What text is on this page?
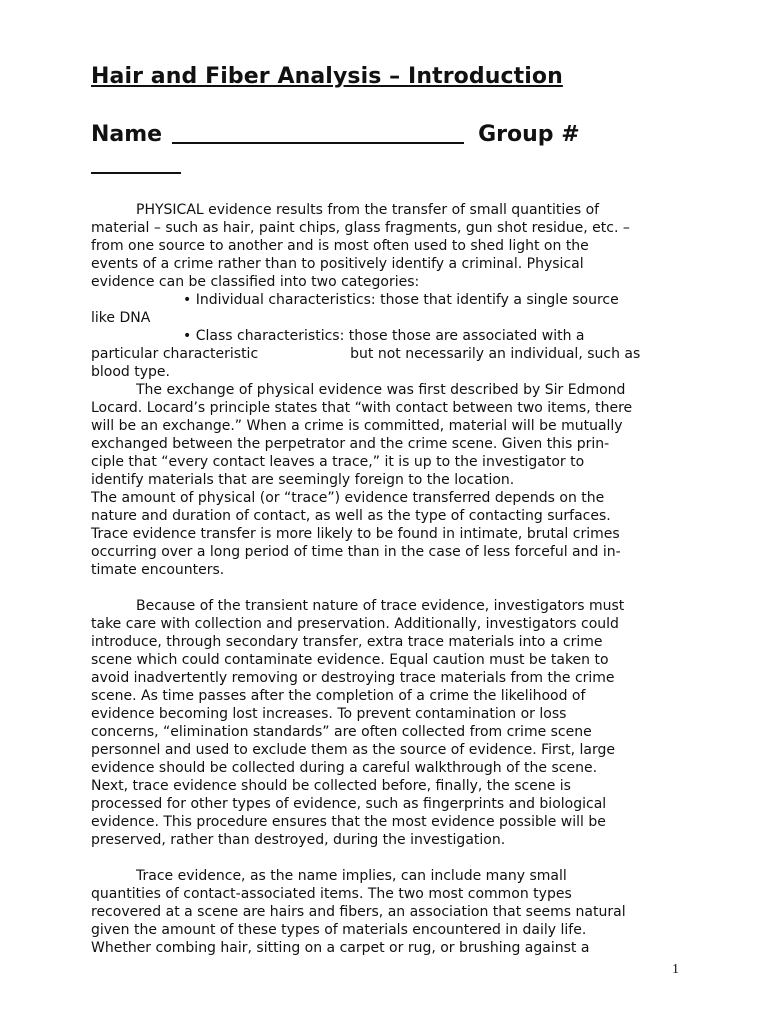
Hair and Fiber Analysis – Introduction
Name	Group #
PHYSICAL evidence results from the transfer of small quantities of
material – such as hair, paint chips, glass fragments, gun shot residue, etc. –
from one source to another and is most often used to shed light on the
events of a crime rather than to positively identify a criminal. Physical
evidence can be classified into two categories:
• Individual characteristics: those that identify a single source
like DNA
• Class characteristics: those those are associated with a
particular characteristic	but not necessarily an individual, such as
blood type.
The exchange of physical evidence was first described by Sir Edmond
Locard. Locard’s principle states that “with contact between two items, there
will be an exchange.” When a crime is committed, material will be mutually
exchanged between the perpetrator and the crime scene. Given this prin-
ciple that “every contact leaves a trace,” it is up to the investigator to
identify materials that are seemingly foreign to the location.
The amount of physical (or “trace”) evidence transferred depends on the
nature and duration of contact, as well as the type of contacting surfaces.
Trace evidence transfer is more likely to be found in intimate, brutal crimes
occurring over a long period of time than in the case of less forceful and in-
timate encounters.
Because of the transient nature of trace evidence, investigators must
take care with collection and preservation. Additionally, investigators could
introduce, through secondary transfer, extra trace materials into a crime
scene which could contaminate evidence. Equal caution must be taken to
avoid inadvertently removing or destroying trace materials from the crime
scene. As time passes after the completion of a crime the likelihood of
evidence becoming lost increases. To prevent contamination or loss
concerns, “elimination standards” are often collected from crime scene
personnel and used to exclude them as the source of evidence. First, large
evidence should be collected during a careful walkthrough of the scene.
Next, trace evidence should be collected before, finally, the scene is
processed for other types of evidence, such as fingerprints and biological
evidence. This procedure ensures that the most evidence possible will be
preserved, rather than destroyed, during the investigation.
Trace evidence, as the name implies, can include many small
quantities of contact-associated items. The two most common types
recovered at a scene are hairs and fibers, an association that seems natural
given the amount of these types of materials encountered in daily life.
Whether combing hair, sitting on a carpet or rug, or brushing against a
1
